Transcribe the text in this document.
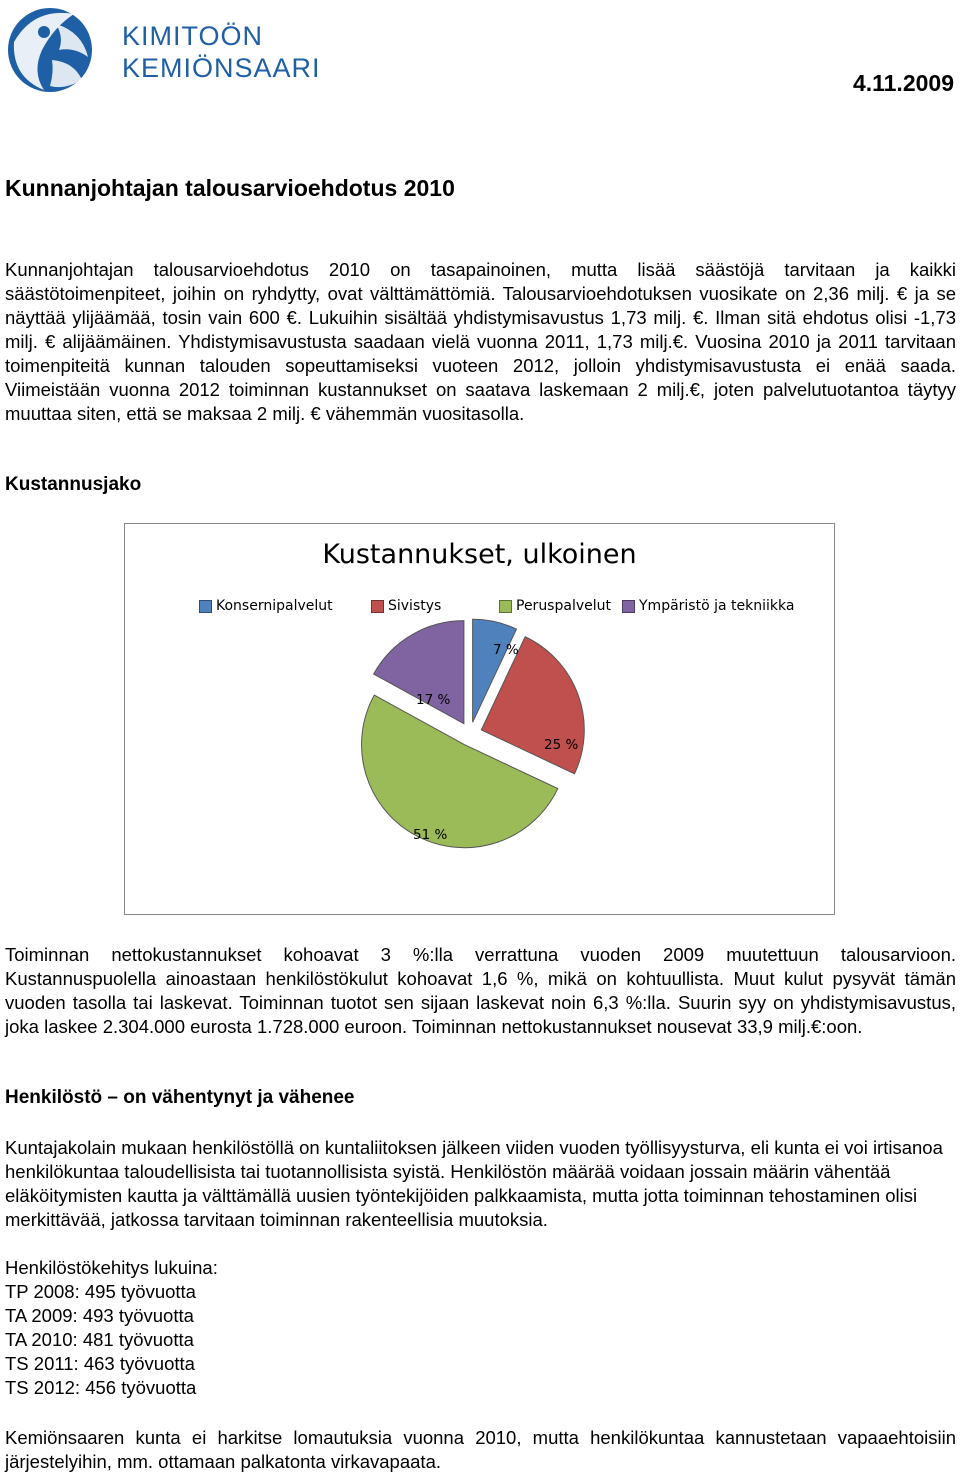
KIMITOÖN
KEMIÖNSAARI	4.11.2009
Kunnanjohtajan talousarvioehdotus 2010

Kunnanjohtajan talousarvioehdotus 2010 on tasapainoinen, mutta lisää säästöjä tarvitaan ja kaikki säästötoimenpiteet, joihin on ryhdytty, ovat välttämättömiä. Talousarvioehdotuksen vuosikate on 2,36 milj. € ja se näyttää ylijäämää, tosin vain 600 €. Lukuihin sisältää yhdistymisavustus 1,73 milj. €. Ilman sitä ehdotus olisi -1,73 milj. € alijäämäinen. Yhdistymisavustusta saadaan vielä vuonna 2011, 1,73 milj.€. Vuosina 2010 ja 2011 tarvitaan toimenpiteitä kunnan talouden sopeuttamiseksi vuoteen 2012, jolloin yhdistymisavustusta ei enää saada. Viimeistään vuonna 2012 toiminnan kustannukset on saatava laskemaan 2 milj.€, joten palvelutuotantoa täytyy muuttaa siten, että se maksaa 2 milj. € vähemmän vuositasolla.

Kustannusjako
Kustannukset, ulkoinen
Konsernipalvelut	Sivistys	Peruspalvelut Ympäristö ja tekniikka
7 %
25 %
51 %
17 %

Toiminnan nettokustannukset kohoavat 3 %:lla verrattuna vuoden 2009 muutettuun talousarvioon. Kustannuspuolella ainoastaan henkilöstökulut kohoavat 1,6 %, mikä on kohtuullista. Muut kulut pysyvät tämän vuoden tasolla tai laskevat. Toiminnan tuotot sen sijaan laskevat noin 6,3 %:lla. Suurin syy on yhdistymisavustus, joka laskee 2.304.000 eurosta 1.728.000 euroon. Toiminnan nettokustannukset nousevat 33,9 milj.€:oon.

Henkilöstö – on vähentynyt ja vähenee

Kuntajakolain mukaan henkilöstöllä on kuntaliitoksen jälkeen viiden vuoden työllisyysturva, eli kunta ei voi irtisanoa henkilökuntaa taloudellisista tai tuotannollisista syistä. Henkilöstön määrää voidaan jossain määrin vähentää eläköitymisten kautta ja välttämällä uusien työntekijöiden palkkaamista, mutta jotta toiminnan tehostaminen olisi merkittävää, jatkossa tarvitaan toiminnan rakenteellisia muutoksia.

Henkilöstökehitys lukuina:
TP 2008: 495 työvuotta
TA 2009: 493 työvuotta
TA 2010: 481 työvuotta
TS 2011: 463 työvuotta
TS 2012: 456 työvuotta

Kemiönsaaren kunta ei harkitse lomautuksia vuonna 2010, mutta henkilökuntaa kannustetaan vapaaehtoisiin järjestelyihin, mm. ottamaan palkatonta virkavapaata.
